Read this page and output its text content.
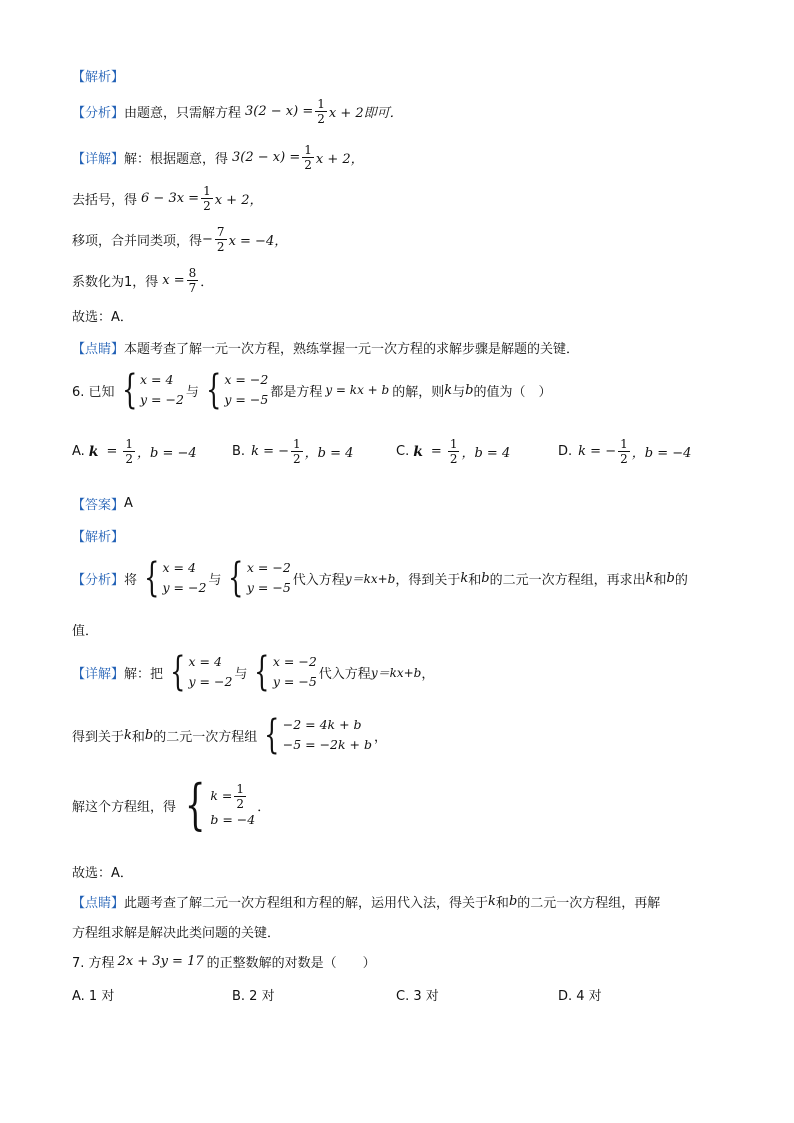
【解析】
【分析】 由题意，只需解方程 $3(2 - x) = \frac{1}{2}$ x + 2即可．
【详解】 解：根据题意，得 $3(2 - x) = \frac{1}{2}$ x + 2，
去括号，得 $6 - 3x = \frac{1}{2}$ x + 2，
移项，合并同类项，得 − $\frac{7}{2}$ x = −4，
系数化为1，得 $x = \frac{8}{7}$ ．
故选：A．
【点睛】 本题考查了解一元一次方程，熟练掌握一元一次方程的求解步骤是解题的关键．
6. 已知 { x = 4
y = −2 与 { x = −2
y = −5 都是方程 y = kx + b 的解，则 k 与 b 的值为（　）
A. $k = \frac{1}{2}$ ，b = −4	B. k = − $\frac{1}{2}$ ，b = 4	C. $k = \frac{1}{2}$ ，b = 4	D. k = − $\frac{1}{2}$ ，b = −4
【答案】 A
【解析】
【分析】 将 { x = 4
y = −2 与 { x = −2
y = −5 代入方程 y＝kx+b ，得到关于 k 和 b 的二元一次方程组，再求出 k 和 b 的
值．
【详解】 解：把 { x = 4
y = −2 与 { x = −2
y = −5 代入方程 y＝kx+b ，
得到关于 k 和 b 的二元一次方程组 { −2 = 4k + b
−5 = −2k + b ，
解这个方程组，得 { $k = \frac{1}{2}$
b = −4
．
故选：A．
【点睛】 此题考查了解二元一次方程组和方程的解，运用代入法，得关于 k 和 b 的二元一次方程组，再解
方程组求解是解决此类问题的关键．
7. 方程 2x + 3y = 17 的正整数解的对数是（　　）
A. 1 对	B. 2 对	C. 3 对	D. 4 对
